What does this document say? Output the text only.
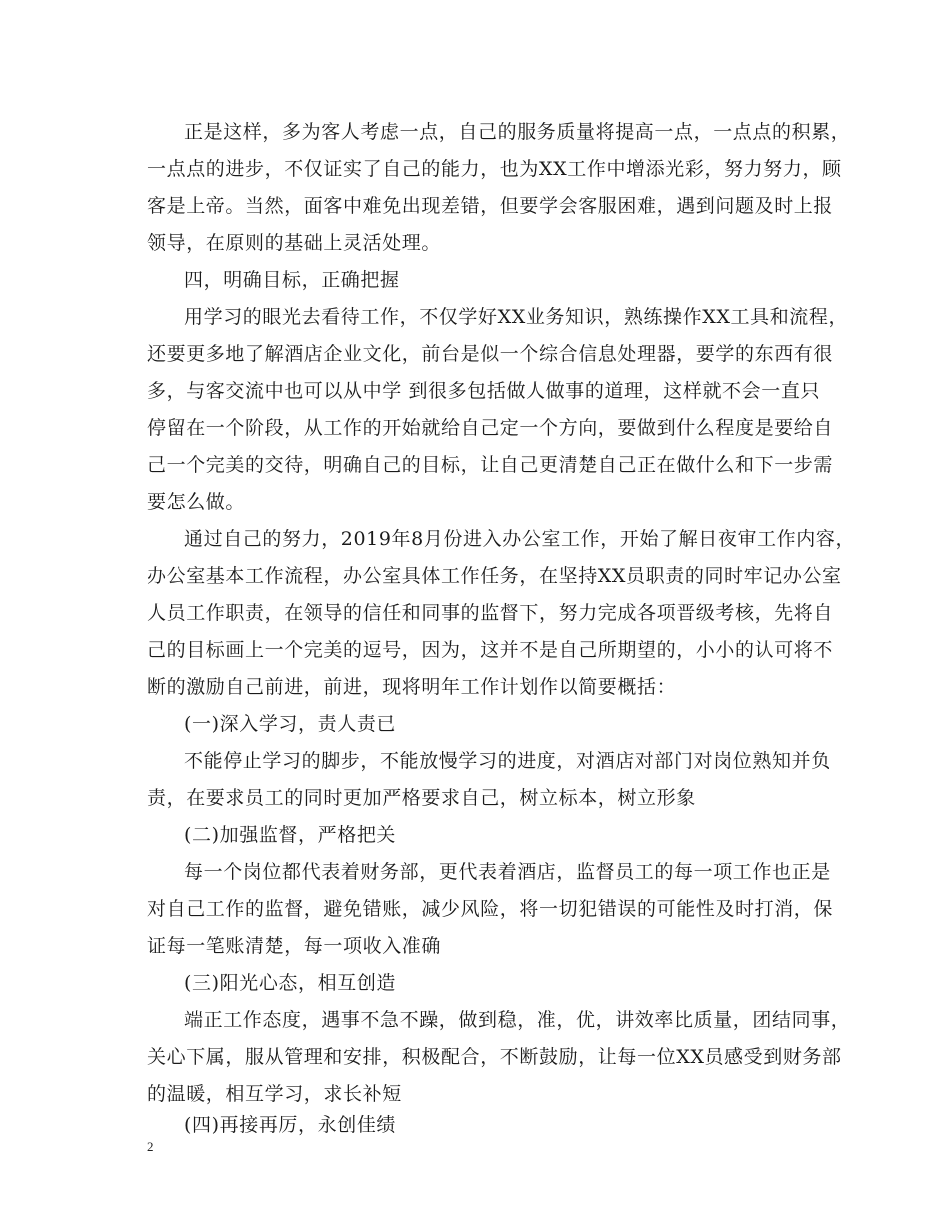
正是这样，多为客人考虑一点，自己的服务质量将提高一点，一点点的积累，
一点点的进步，不仅证实了自己的能力，也为XX工作中增添光彩，努力努力，顾
客是上帝。当然，面客中难免出现差错，但要学会客服困难，遇到问题及时上报
领导，在原则的基础上灵活处理。
四，明确目标，正确把握
用学习的眼光去看待工作，不仅学好XX业务知识，熟练操作XX工具和流程，
还要更多地了解酒店企业文化，前台是似一个综合信息处理器，要学的东西有很
多，与客交流中也可以从中学 到很多包括做人做事的道理，这样就不会一直只
停留在一个阶段，从工作的开始就给自己定一个方向，要做到什么程度是要给自
己一个完美的交待，明确自己的目标，让自己更清楚自己正在做什么和下一步需
要怎么做。
通过自己的努力，2019年8月份进入办公室工作，开始了解日夜审工作内容，
办公室基本工作流程，办公室具体工作任务，在坚持XX员职责的同时牢记办公室
人员工作职责，在领导的信任和同事的监督下，努力完成各项晋级考核，先将自
己的目标画上一个完美的逗号，因为，这并不是自己所期望的，小小的认可将不
断的激励自己前进，前进，现将明年工作计划作以简要概括：
(一)深入学习，责人责已
不能停止学习的脚步，不能放慢学习的进度，对酒店对部门对岗位熟知并负
责，在要求员工的同时更加严格要求自己，树立标本，树立形象
(二)加强监督，严格把关
每一个岗位都代表着财务部，更代表着酒店，监督员工的每一项工作也正是
对自己工作的监督，避免错账，减少风险，将一切犯错误的可能性及时打消，保
证每一笔账清楚，每一项收入准确
(三)阳光心态，相互创造
端正工作态度，遇事不急不躁，做到稳，准，优，讲效率比质量，团结同事，
关心下属，服从管理和安排，积极配合，不断鼓励，让每一位XX员感受到财务部
的温暖，相互学习，求长补短
(四)再接再厉，永创佳绩
2
